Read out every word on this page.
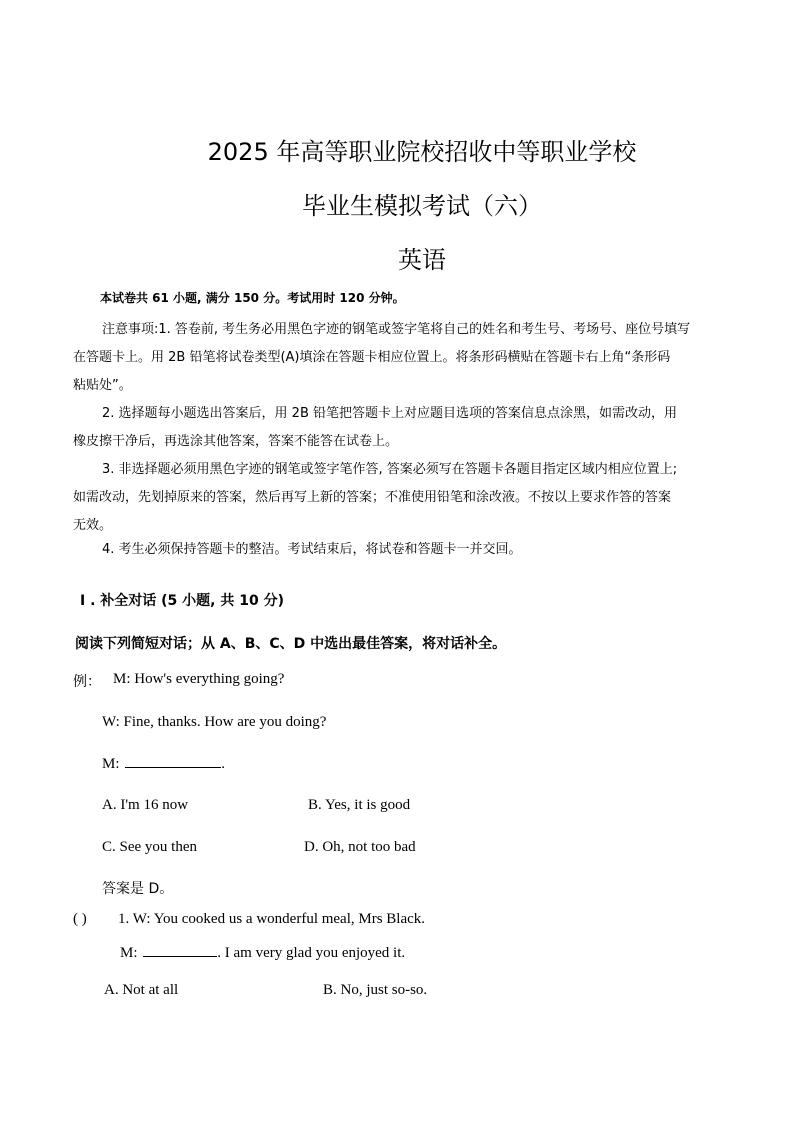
2025 年高等职业院校招收中等职业学校
毕业生模拟考试（六）
英语
本试卷共 61 小题, 满分 150 分。考试用时 120 分钟。
注意事项:1. 答卷前, 考生务必用黑色字迹的钢笔或签字笔将自己的姓名和考生号、考场号、座位号填写
在答题卡上。用 2B 铅笔将试卷类型(A)填涂在答题卡相应位置上。将条形码横贴在答题卡右上角“条形码
粘贴处”。
2. 选择题每小题选出答案后，用 2B 铅笔把答题卡上对应题目选项的答案信息点涂黑，如需改动，用
橡皮擦干净后，再选涂其他答案，答案不能答在试卷上。
3. 非选择题必须用黑色字迹的钢笔或签字笔作答, 答案必须写在答题卡各题目指定区域内相应位置上;
如需改动，先划掉原来的答案，然后再写上新的答案；不准使用铅笔和涂改液。不按以上要求作答的答案
无效。
4. 考生必须保持答题卡的整洁。考试结束后，将试卷和答题卡一并交回。
Ⅰ . 补全对话 (5 小题, 共 10 分)
阅读下列简短对话；从 A、B、C、D 中选出最佳答案，将对话补全。
例： M: How's everything going?
W: Fine, thanks. How are you doing?
M:	.
A. I'm 16 now	B. Yes, it is good
C. See you then	D. Oh, not too bad
答案是 D。
( ) 1. W: You cooked us a wonderful meal, Mrs Black.
M:	. I am very glad you enjoyed it.
A. Not at all	B. No, just so-so.
